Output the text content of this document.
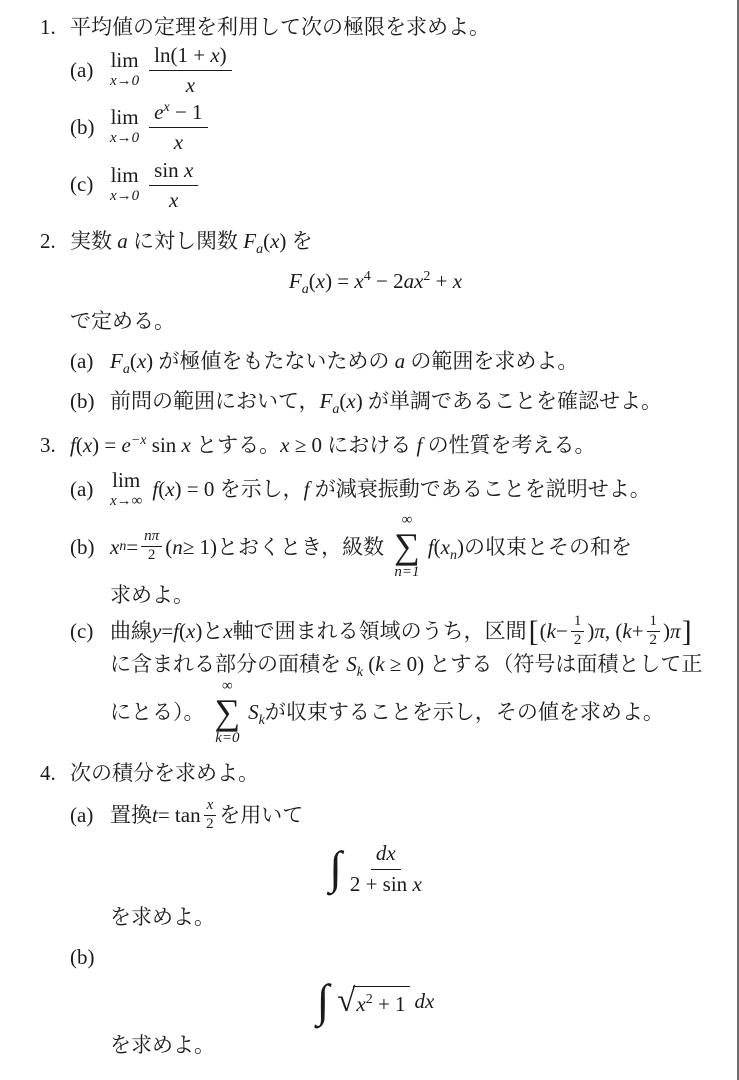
1. 平均値の定理を利用して次の極限を求めよ。
(a) lim
$x\to 0 \frac{\ln(1 + x)}{x}$
(b) lim
$x\to 0 \frac{e^x - 1}{x}$
(c) lim
$x\to 0 \frac{\text{sin x}}{x}$
2. 実数 a に対し関数 $F_a(x)$ を
$F_a(x) = x^4 - 2ax^2 + x$
で定める。
(a) $F_a(x)$ が極値をもたないための a の範囲を求めよ。
(b) 前問の範囲において，$F_a(x)$ が単調であることを確認せよ。
3. $f(x) = e^{-x}$ sin x とする。x ≥ 0 における f の性質を考える。
(a) lim
x→∞ f(x) = 0 を示し，f が減衰振動であることを説明せよ。
(b) x $n = \frac{n\pi}{2}$ ( n ≥ 1) とおくとき，級数
∞
∑
n=1
$f(x_n)$ の収束とその和を
求めよ。
(c) 曲線 y = f ( x ) と x 軸で囲まれる領域のうち，区間 [ ( $k - \frac{1}{2}$ ) π , ( $k + \frac{1}{2}$ ) π ]
に含まれる部分の面積を $S_k$ (k ≥ 0) とする（符号は面積として正
にとる）。
∞
∑
k=0
$S_k$ が収束することを示し，その値を求めよ。
4. 次の積分を求めよ。
(a) 置換 $t = \tan \frac{x}{2}$ を用いて
∫ $\frac{dx}{\text{2 + sin x}}$
を求めよ。
(b)
∫ √ $x^2 + 1$ dx
を求めよ。
